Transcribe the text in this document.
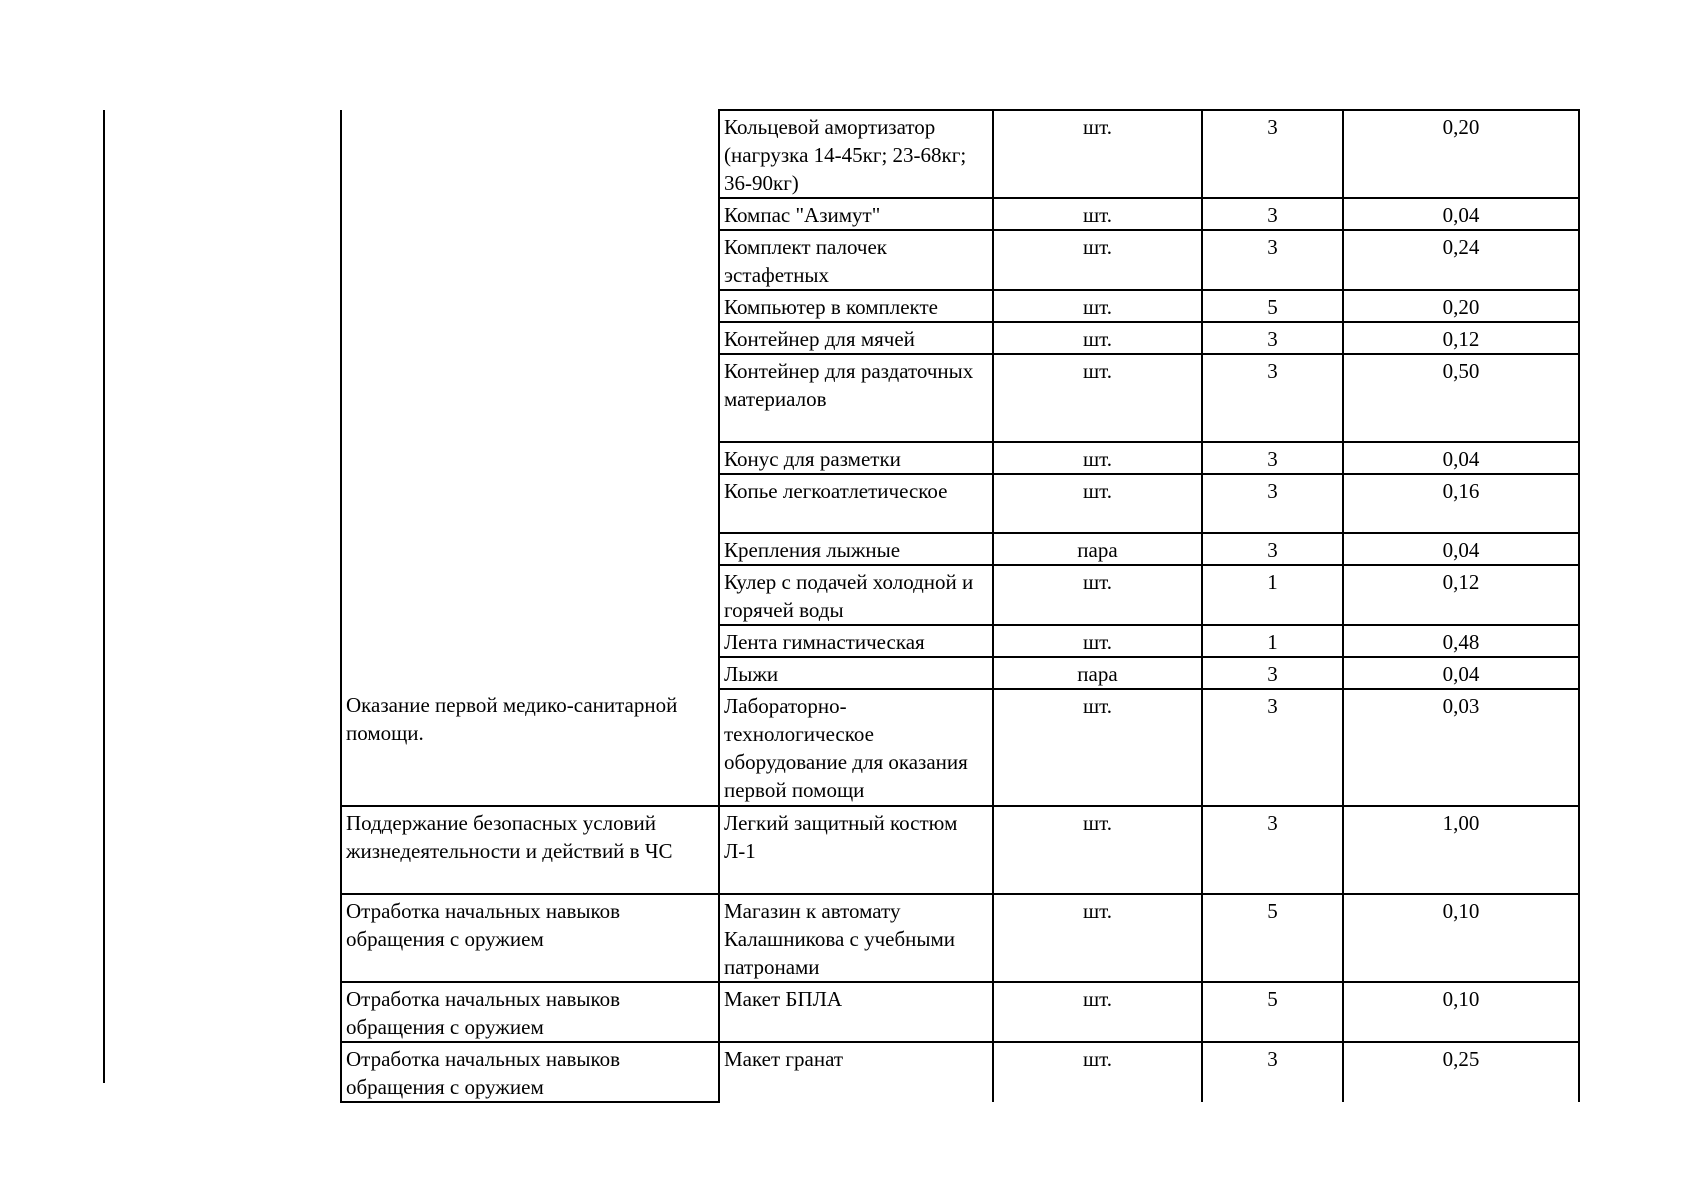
	Кольцевой амортизатор (нагрузка 14-45кг; 23-68кг; 36-90кг)	шт.	3	0,20
	Компас "Азимут"	шт.	3	0,04
	Комплект палочек эстафетных	шт.	3	0,24
	Компьютер в комплекте	шт.	5	0,20
	Контейнер для мячей	шт.	3	0,12
	Контейнер для раздаточных материалов	шт.	3	0,50
	Конус для разметки	шт.	3	0,04
	Копье легкоатлетическое	шт.	3	0,16
	Крепления лыжные	пара	3	0,04
	Кулер с подачей холодной и горячей воды	шт.	1	0,12
	Лента гимнастическая	шт.	1	0,48
	Лыжи	пара	3	0,04
Оказание первой медико-санитарной помощи.	Лабораторно-технологическое оборудование для оказания первой помощи	шт.	3	0,03
Поддержание безопасных условий жизнедеятельности и действий в ЧС	Легкий защитный костюм Л-1	шт.	3	1,00
Отработка начальных навыков обращения с оружием	Магазин к автомату Калашникова с учебными патронами	шт.	5	0,10
Отработка начальных навыков обращения с оружием	Макет БПЛА	шт.	5	0,10
Отработка начальных навыков обращения с оружием	Макет гранат	шт.	3	0,25
